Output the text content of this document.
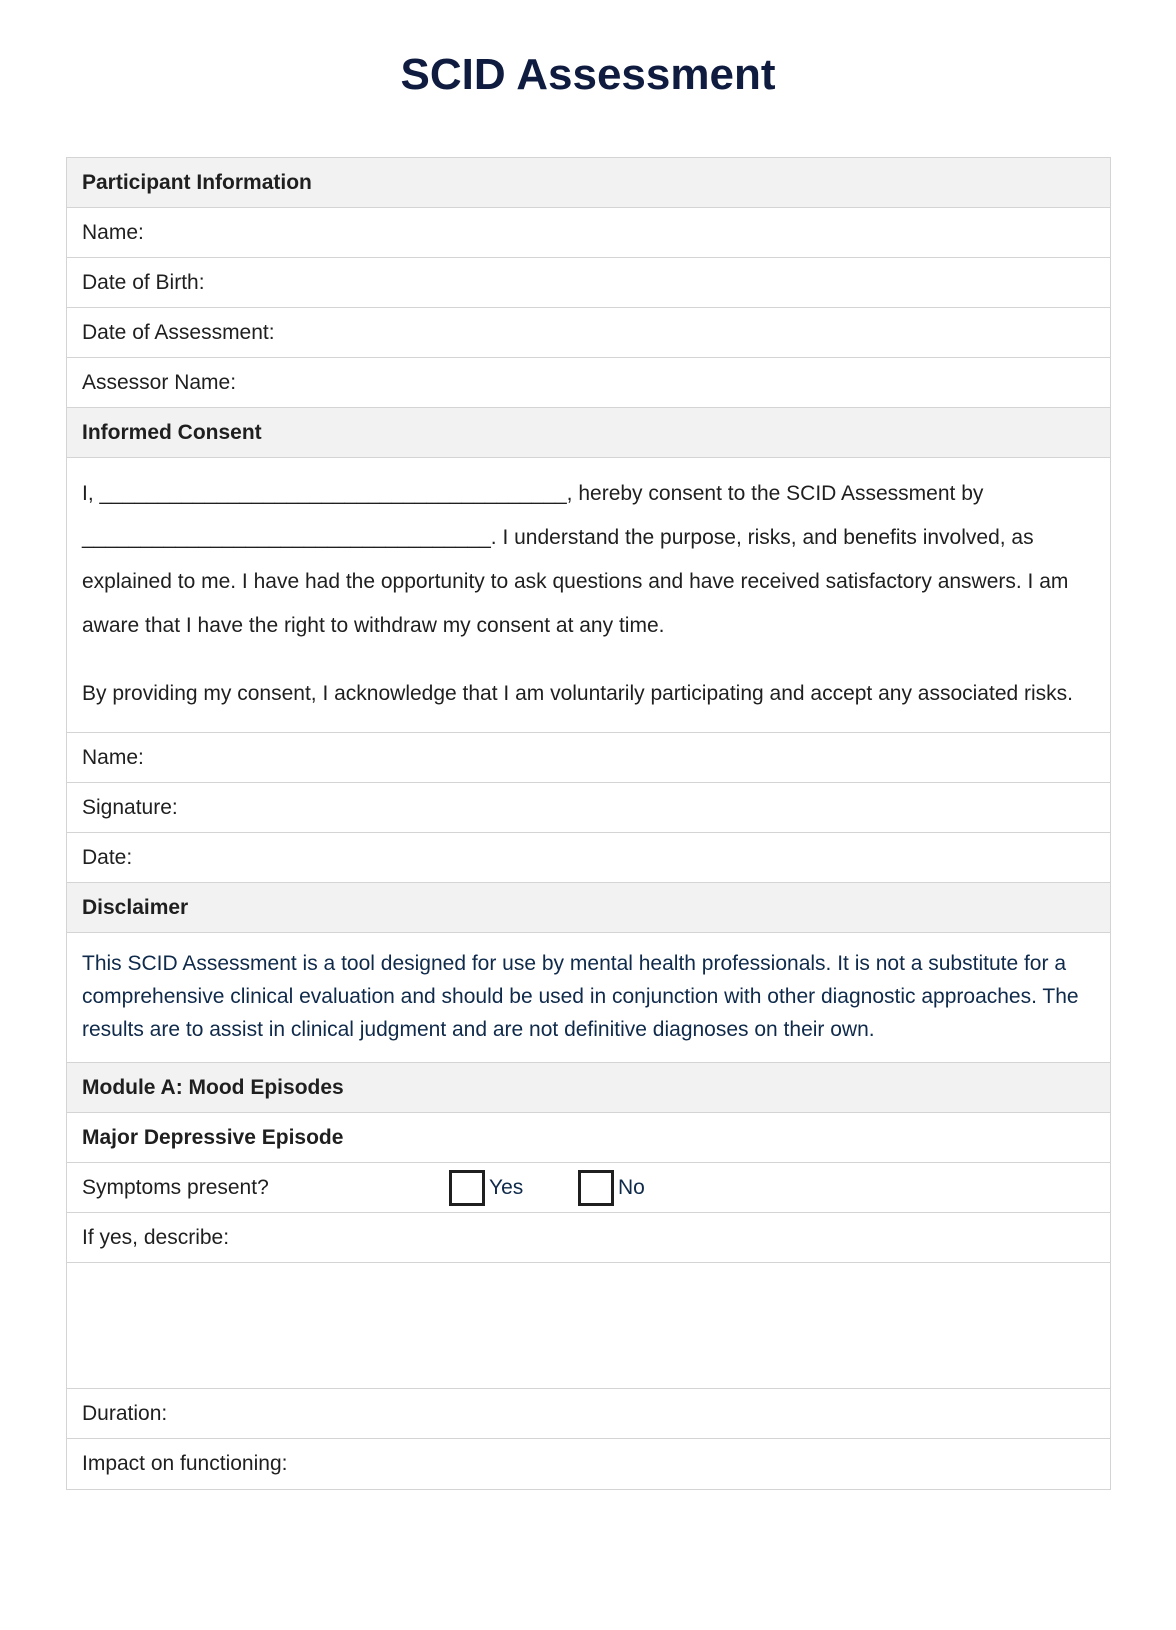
SCID Assessment
Participant Information
Name:
Date of Birth:
Date of Assessment:
Assessor Name:
Informed Consent

I, ________________________________________, hereby consent to the SCID Assessment by ___________________________________. I understand the purpose, risks, and benefits involved, as explained to me. I have had the opportunity to ask questions and have received satisfactory answers. I am aware that I have the right to withdraw my consent at any time.

By providing my consent, I acknowledge that I am voluntarily participating and accept any associated risks.

Name:
Signature:
Date:
Disclaimer

This SCID Assessment is a tool designed for use by mental health professionals. It is not a substitute for a comprehensive clinical evaluation and should be used in conjunction with other diagnostic approaches. The results are to assist in clinical judgment and are not definitive diagnoses on their own.

Module A: Mood Episodes
Major Depressive Episode
Symptoms present?	Yes	No
If yes, describe:
Duration:
Impact on functioning:
